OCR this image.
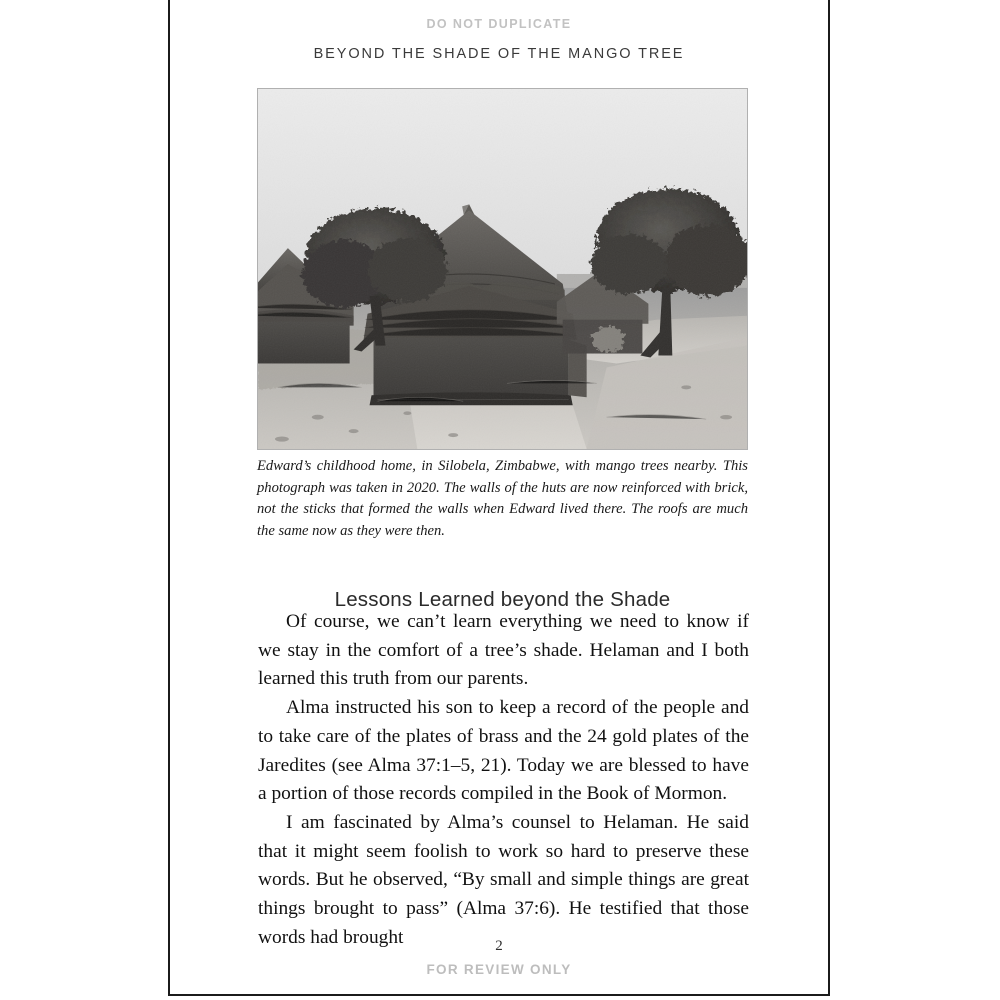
DO NOT DUPLICATE
BEYOND THE SHADE OF THE MANGO TREE
Edward’s childhood home, in Silobela, Zimbabwe, with mango trees nearby. This photograph was taken in 2020. The walls of the huts are now reinforced with brick, not the sticks that formed the walls when Edward lived there. The roofs are much the same now as they were then.
Lessons Learned beyond the Shade

Of course, we can’t learn everything we need to know if we stay in the comfort of a tree’s shade. Helaman and I both learned this truth from our parents.

Alma instructed his son to keep a record of the people and to take care of the plates of brass and the 24 gold plates of the Jaredites (see Alma 37:1–5, 21). Today we are blessed to have a portion of those records compiled in the Book of Mormon.

I am fascinated by Alma’s counsel to Helaman. He said that it might seem foolish to work so hard to preserve these words. But he observed, “By small and simple things are great things brought to pass” (Alma 37:6). He testified that those words had brought	2
FOR REVIEW ONLY
